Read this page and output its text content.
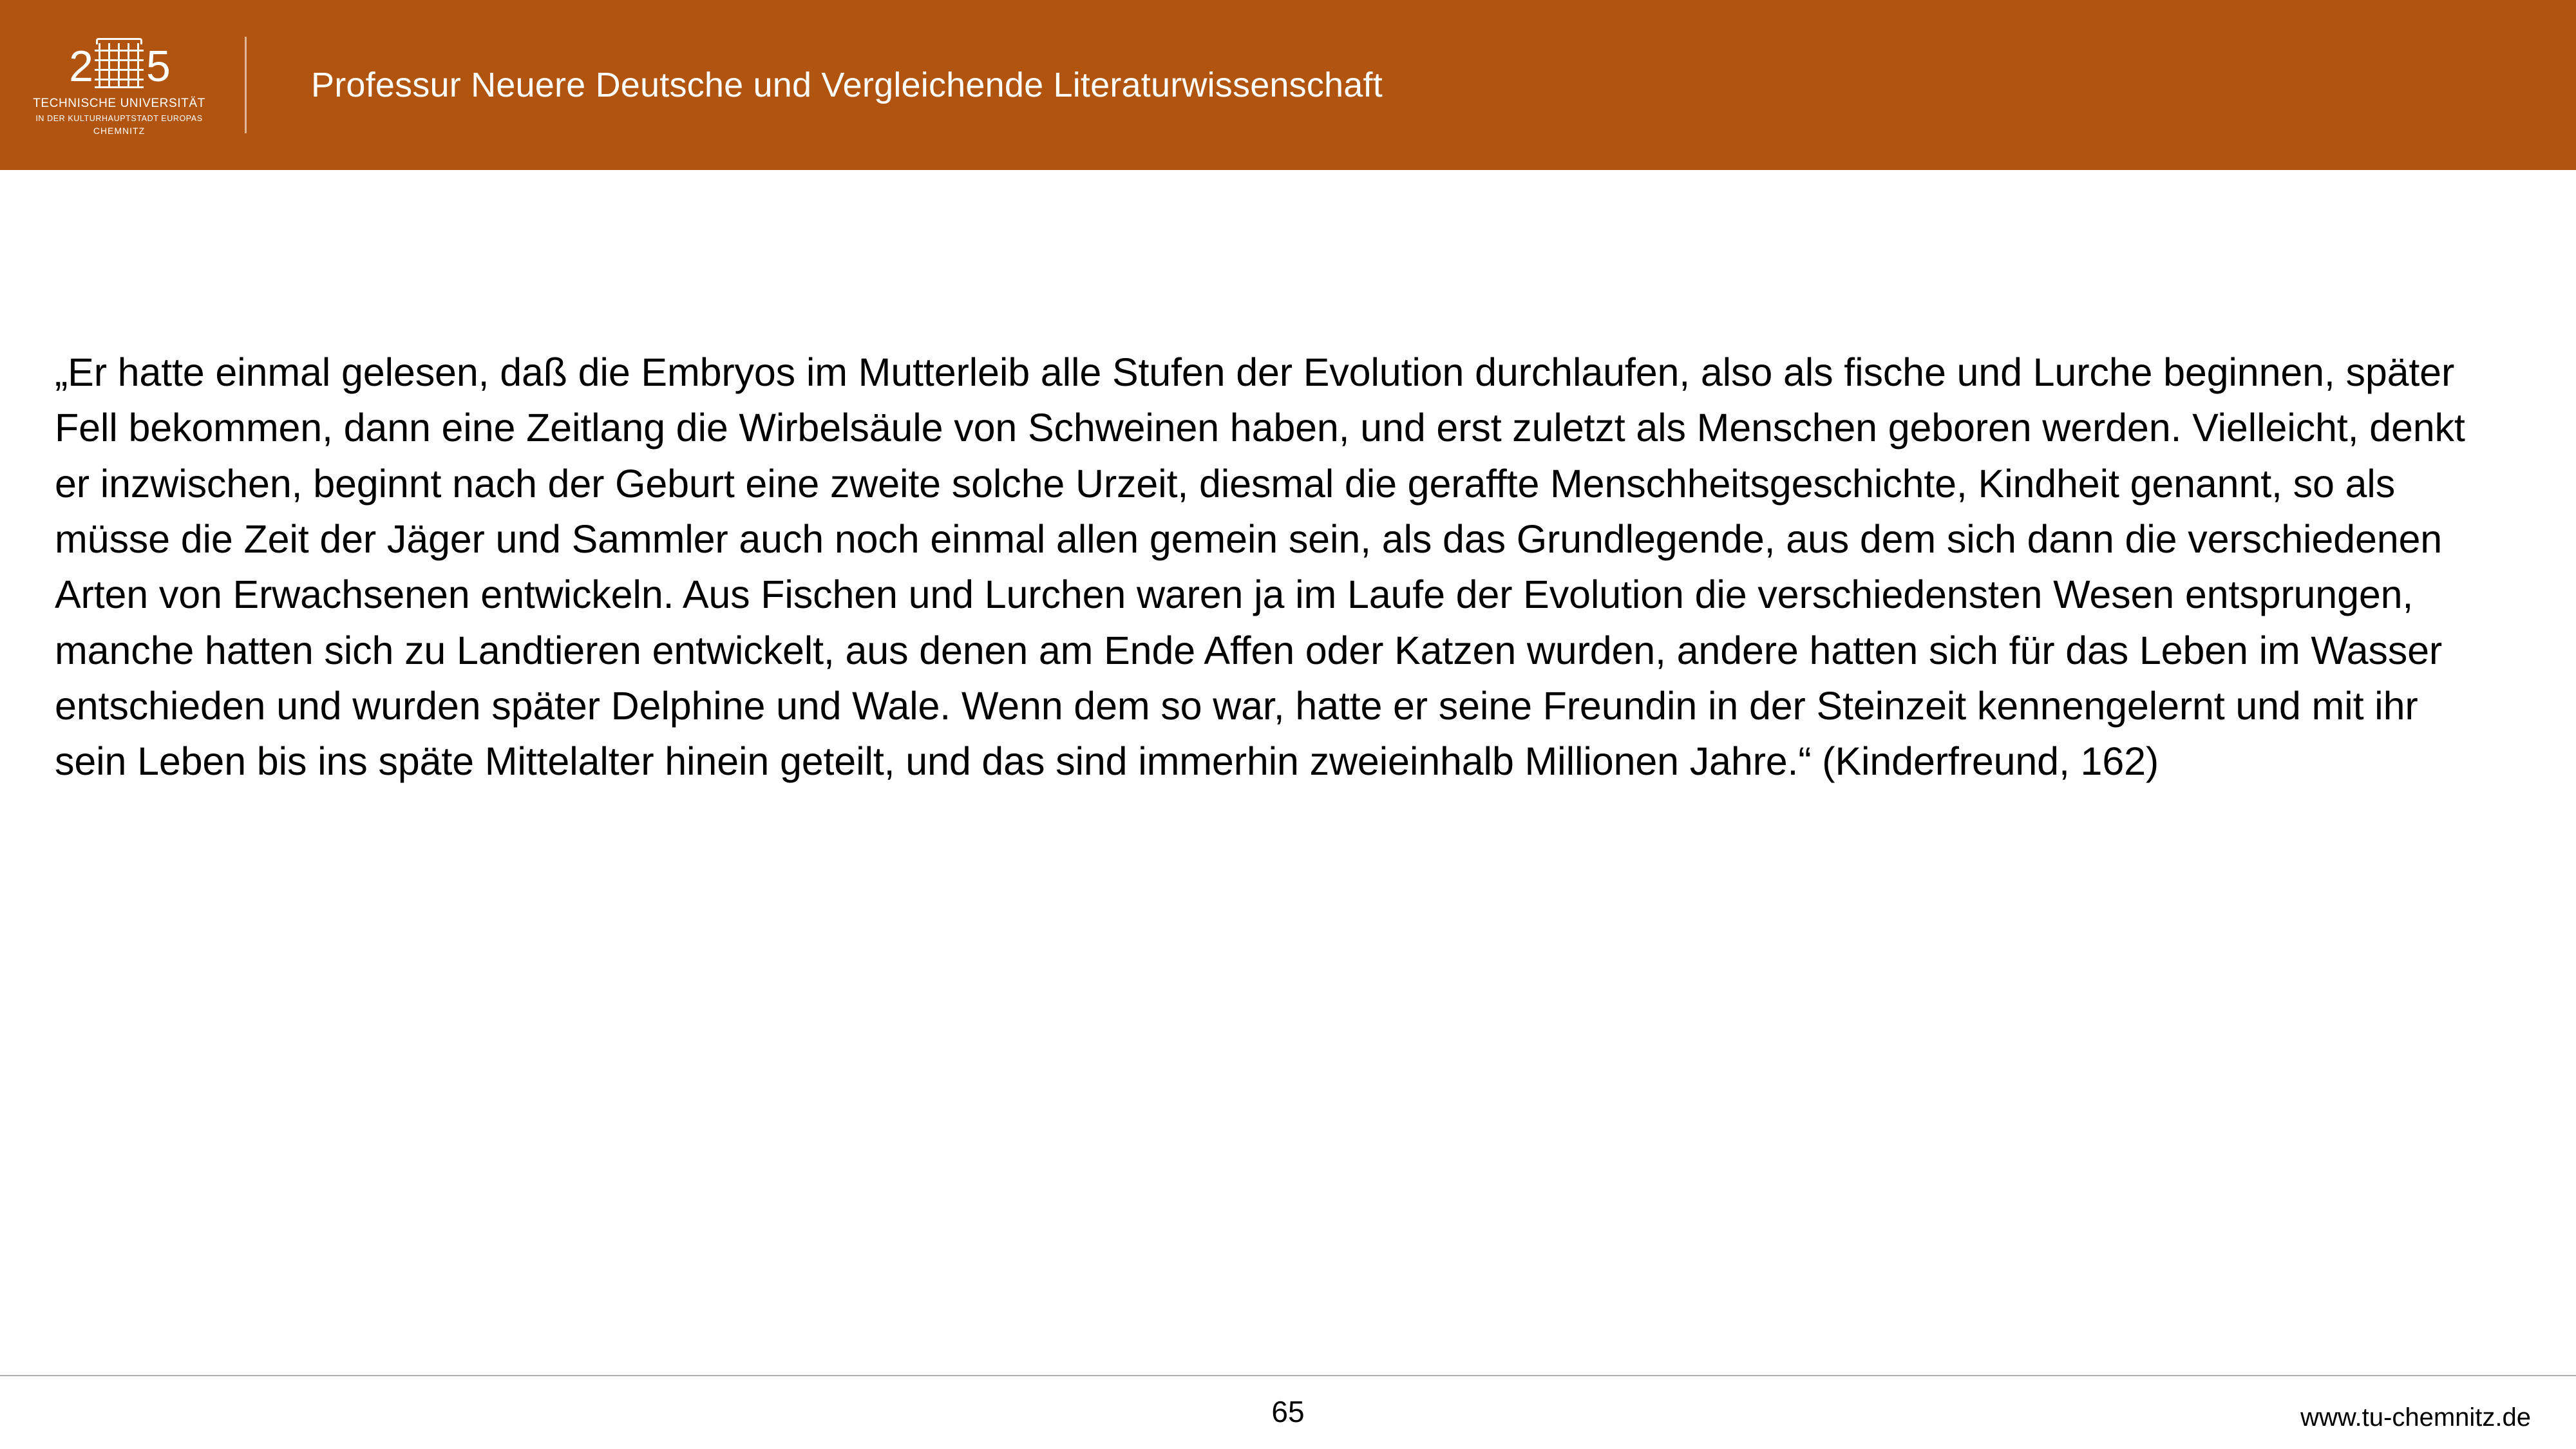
2 5
TECHNISCHE UNIVERSITÄT
IN DER KULTURHAUPTSTADT EUROPAS
CHEMNITZ
Professur Neuere Deutsche und Vergleichende Literaturwissenschaft

„Er hatte einmal gelesen, daß die Embryos im Mutterleib alle Stufen der Evolution durchlaufen, also als fische und Lurche beginnen, später Fell bekommen, dann eine Zeitlang die Wirbelsäule von Schweinen haben, und erst zuletzt als Menschen geboren werden. Vielleicht, denkt er inzwischen, beginnt nach der Geburt eine zweite solche Urzeit, diesmal die geraffte Menschheitsgeschichte, Kindheit genannt, so als müsse die Zeit der Jäger und Sammler auch noch einmal allen gemein sein, als das Grundlegende, aus dem sich dann die verschiedenen Arten von Erwachsenen entwickeln. Aus Fischen und Lurchen waren ja im Laufe der Evolution die verschiedensten Wesen entsprungen, manche hatten sich zu Landtieren entwickelt, aus denen am Ende Affen oder Katzen wurden, andere hatten sich für das Leben im Wasser entschieden und wurden später Delphine und Wale. Wenn dem so war, hatte er seine Freundin in der Steinzeit kennengelernt und mit ihr sein Leben bis ins späte Mittelalter hinein geteilt, und das sind immerhin zweieinhalb Millionen Jahre.“ (Kinderfreund, 162)

65	www.tu-chemnitz.de
